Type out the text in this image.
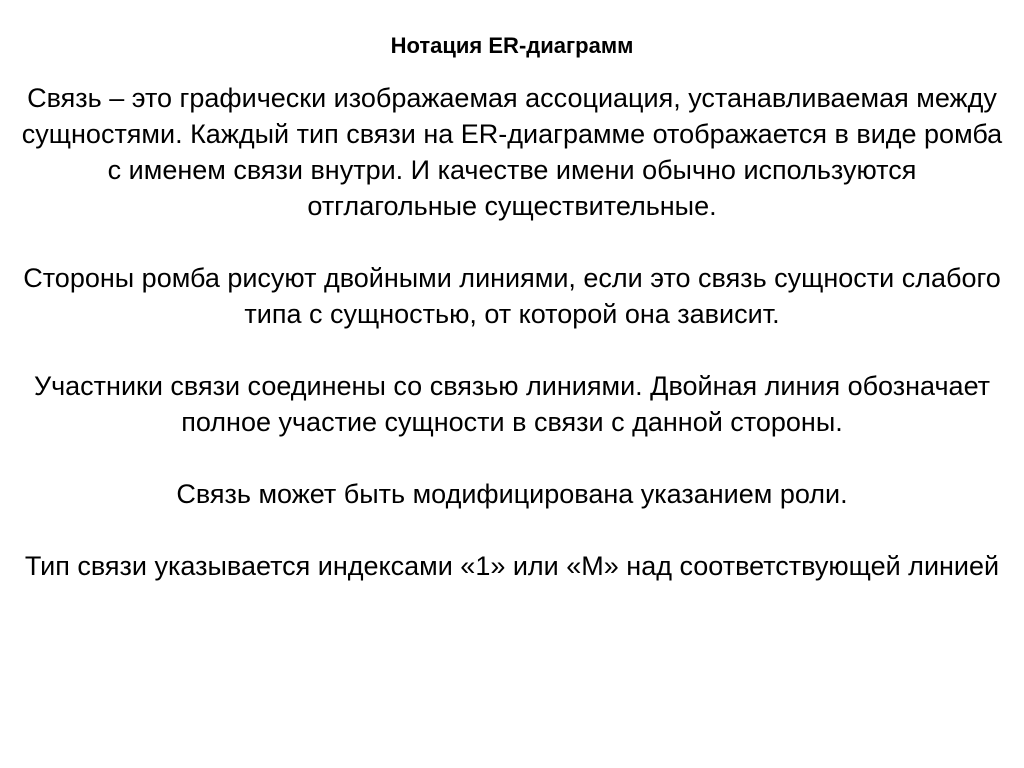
Нотация ER-диаграмм

Связь – это графически изображаемая ассоциация, устанавливаемая между сущностями. Каждый тип связи на ER-диаграмме отображается в виде ромба с именем связи внутри. И качестве имени обычно используются отглагольные существительные.

Стороны ромба рисуют двойными линиями, если это связь сущности слабого типа с сущностью, от которой она зависит.

Участники связи соединены со связью линиями. Двойная линия обозначает полное участие сущности в связи с данной стороны.

Связь может быть модифицирована указанием роли.

Тип связи указывается индексами «1» или «М» над соответствующей линией
